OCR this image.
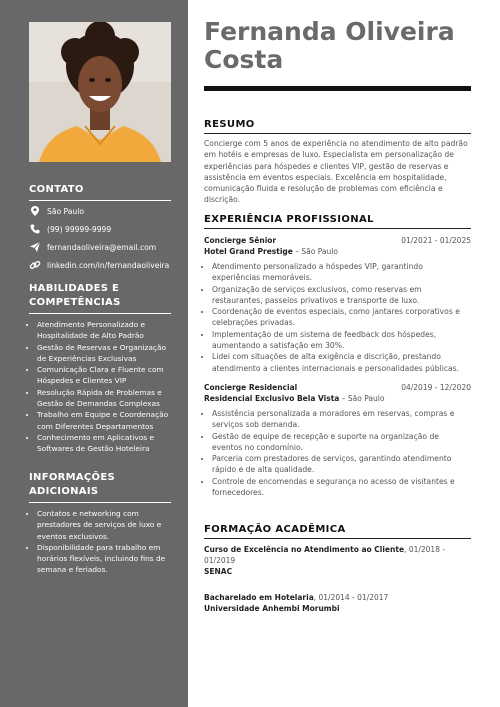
CONTATO
São Paulo
(99) 99999-9999
fernandaoliveira@email.com
linkedin.com/in/fernandaoliveira
HABILIDADES E COMPETÊNCIAS
• Atendimento Personalizado e Hospitalidade de Alto Padrão
• Gestão de Reservas e Organização de Experiências Exclusivas
• Comunicação Clara e Fluente com Hóspedes e Clientes VIP
• Resolução Rápida de Problemas e Gestão de Demandas Complexas
• Trabalho em Equipe e Coordenação com Diferentes Departamentos
• Conhecimento em Aplicativos e Softwares de Gestão Hoteleira
INFORMAÇÕES ADICIONAIS
• Contatos e networking com prestadores de serviços de luxo e eventos exclusivos.
• Disponibilidade para trabalho em horários flexíveis, incluindo fins de semana e feriados.
Fernanda Oliveira Costa
RESUMO
Concierge com 5 anos de experiência no atendimento de alto padrão em hotéis e empresas de luxo. Especialista em personalização de experiências para hóspedes e clientes VIP, gestão de reservas e assistência em eventos especiais. Excelência em hospitalidade, comunicação fluida e resolução de problemas com eficiência e discrição.
EXPERIÊNCIA PROFISSIONAL
Concierge Sênior	01/2021 - 01/2025
Hotel Grand Prestige – São Paulo
• Atendimento personalizado a hóspedes VIP, garantindo experiências memoráveis.
• Organização de serviços exclusivos, como reservas em restaurantes, passeios privativos e transporte de luxo.
• Coordenação de eventos especiais, como jantares corporativos e celebrações privadas.
• Implementação de um sistema de feedback dos hóspedes, aumentando a satisfação em 30%.
• Lidei com situações de alta exigência e discrição, prestando atendimento a clientes internacionais e personalidades públicas.
Concierge Residencial	04/2019 - 12/2020
Residencial Exclusivo Bela Vista – São Paulo
• Assistência personalizada a moradores em reservas, compras e serviços sob demanda.
• Gestão de equipe de recepção e suporte na organização de eventos no condomínio.
• Parceria com prestadores de serviços, garantindo atendimento rápido e de alta qualidade.
• Controle de encomendas e segurança no acesso de visitantes e fornecedores.
FORMAÇÃO ACADÊMICA
Curso de Excelência no Atendimento ao Cliente, 01/2018 - 01/2019
SENAC
Bacharelado em Hotelaria, 01/2014 - 01/2017
Universidade Anhembi Morumbi
